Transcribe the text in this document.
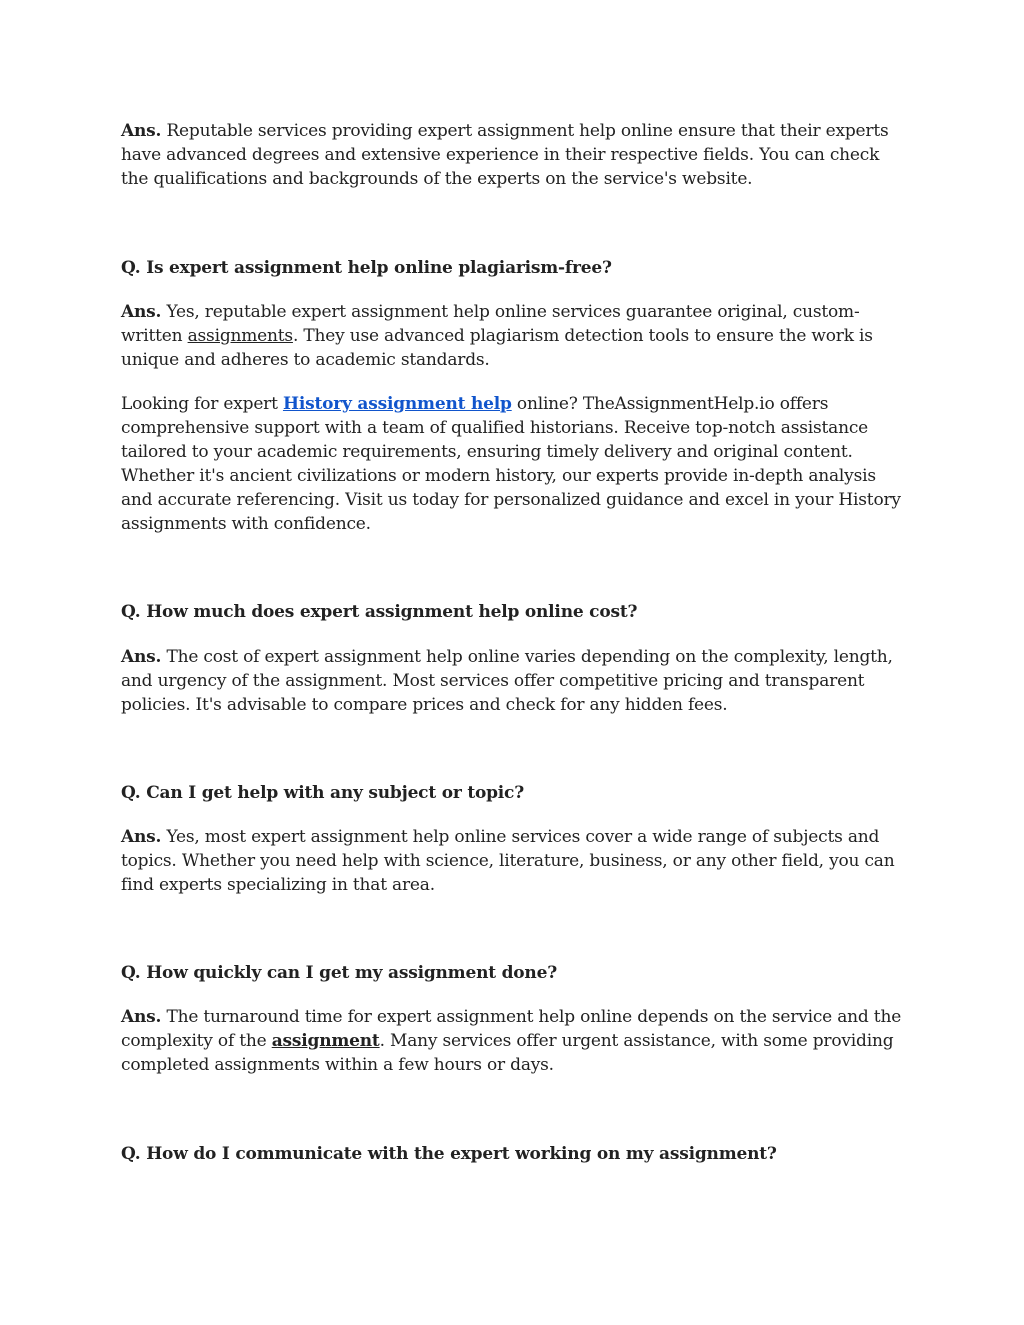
Ans. Reputable services providing expert assignment help online ensure that their experts have advanced degrees and extensive experience in their respective fields. You can check the qualifications and backgrounds of the experts on the service's website.

Q. Is expert assignment help online plagiarism-free?

Ans. Yes, reputable expert assignment help online services guarantee original, custom-written assignments. They use advanced plagiarism detection tools to ensure the work is unique and adheres to academic standards.

Looking for expert History assignment help online? TheAssignmentHelp.io offers comprehensive support with a team of qualified historians. Receive top-notch assistance tailored to your academic requirements, ensuring timely delivery and original content. Whether it's ancient civilizations or modern history, our experts provide in-depth analysis and accurate referencing. Visit us today for personalized guidance and excel in your History assignments with confidence.

Q. How much does expert assignment help online cost?

Ans. The cost of expert assignment help online varies depending on the complexity, length, and urgency of the assignment. Most services offer competitive pricing and transparent policies. It's advisable to compare prices and check for any hidden fees.

Q. Can I get help with any subject or topic?

Ans. Yes, most expert assignment help online services cover a wide range of subjects and topics. Whether you need help with science, literature, business, or any other field, you can find experts specializing in that area.

Q. How quickly can I get my assignment done?

Ans. The turnaround time for expert assignment help online depends on the service and the complexity of the assignment. Many services offer urgent assistance, with some providing completed assignments within a few hours or days.

Q. How do I communicate with the expert working on my assignment?
